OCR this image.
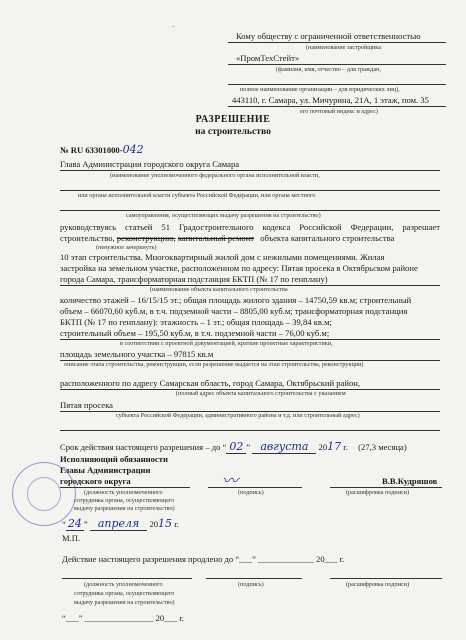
·
Кому обществу с ограниченной ответственностью
(наименование застройщика
«ПромТехСтейт»
(фамилия, имя, отчество – для граждан,
полное наименование организации – для юридических лиц),
443110, г. Самара, ул. Мичурина, 21А, 1 этаж, пом. 35
его почтовый индекс и адрес)
РАЗРЕШЕНИЕ
на строительство
№ RU 63301000-042
Глава Администрации городского округа Самара
(наименование уполномоченного федерального органа исполнительной власти,
или органа исполнительной власти субъекта Российской Федерации, или органа местного
самоуправления, осуществляющих выдачу разрешения на строительство)
руководствуясь статьей 51 Градостроительного кодекса Российской Федерации, разрешает
строительство, реконструкцию, капитальный ремонт объекта капитального строительства
(ненужное зачеркнуть)
10 этап строительства. Многоквартирный жилой дом с нежилыми помещениями. Жилая
застройка на земельном участке, расположенном по адресу: Пятая просека в Октябрьском районе
города Самара, трансформаторная подстанция БКТП (№ 17 по генплану)
(наименование объекта капитального строительства
количество этажей – 16/15/15 эт.; общая площадь жилого здания – 14750,59 кв.м; строительный
объем – 66070,60 куб.м, в т.ч. подземной части – 8805,00 куб.м; трансформаторная подстанция
БКТП (№ 17 по генплану): этажность – 1 эт.; общая площадь – 39,84 кв.м;
строительный объем – 195,50 куб.м, в т.ч. подземной части – 76,00 куб.м;
в соответствии с проектной документацией, краткие проектные характеристики,
площадь земельного участка – 97815 кв.м
описание этапа строительства, реконструкции, если разрешение выдается на этап строительства, реконструкции)
расположенного по адресу Самарская область, город Самара, Октябрьский район,
(полный адрес объекта капитального строительства с указанием
Пятая просека
субъекта Российской Федерации, административного района и т.д. или строительный адрес)
Срок действия настоящего разрешения – до “ 02 ” августа 2017 г. (27,3 месяца)
Исполняющий обязанности
Главы Администрации
городского округа	〰	В.В.Кудряшов
(должность уполномоченного
сотрудника органа, осуществляющего
выдачу разрешения на строительство)
(подпись)	(расшифровка подписи)
“ 24 ” апреля 2015 г.
М.П.
Действие настоящего разрешения продлено до “___” _____________ 20___ г.
(должность уполномоченного
сотрудника органа, осуществляющего
выдачу разрешения на строительство)
(подпись)	(расшифровка подписи)
“___” ________________ 20___ г.
